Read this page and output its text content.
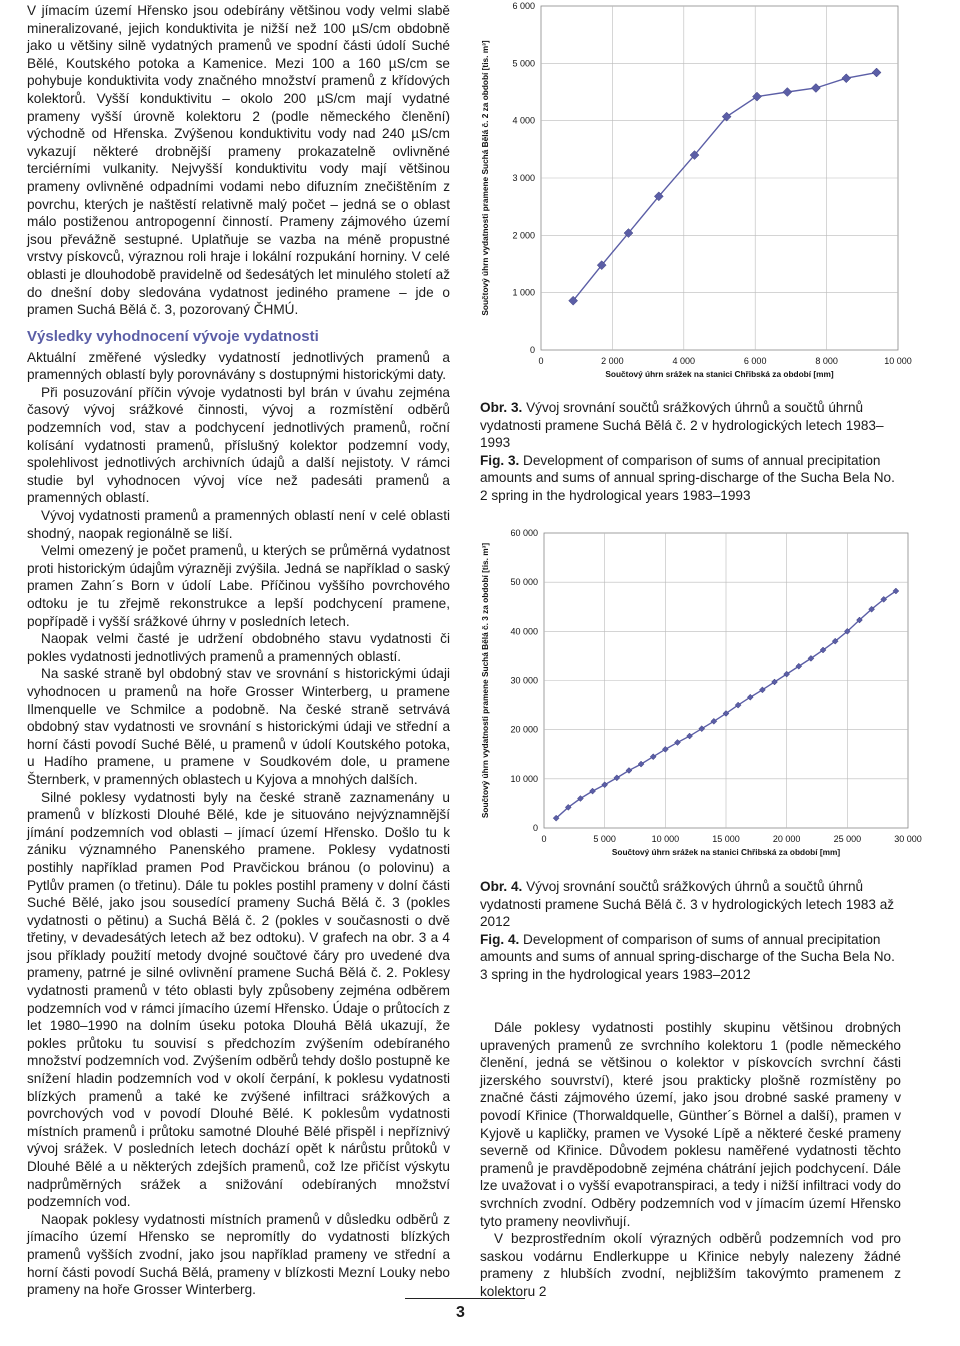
V jímacím území Hřensko jsou odebírány většinou vody velmi slabě mineralizované, jejich konduktivita je nižší než 100 µS/cm obdobně jako u většiny silně vydatných pramenů ve spodní části údolí Suché Bělé, Koutského potoka a Kamenice. Mezi 100 a 160 µS/cm se pohybuje konduktivita vody značného množství pramenů z křídových kolektorů. Vyšší konduktivitu – okolo 200 µS/cm mají vydatné prameny vyšší úrovně kolektoru 2 (podle německého členění) východně od Hřenska. Zvýšenou konduktivitu vody nad 240 µS/cm vykazují některé drobnější prameny prokazatelně ovlivněné terciérními vulkanity. Nejvyšší konduktivitu vody mají většinou prameny ovlivněné odpadními vodami nebo difuzním znečištěním z povrchu, kterých je naštěstí relativně malý počet – jedná se o oblast málo postiženou antropogenní činností. Prameny zájmového území jsou převážně sestupné. Uplatňuje se vazba na méně propustné vrstvy pískovců, výraznou roli hraje i lokální rozpukání horniny. V celé oblasti je dlouhodobě pravidelně od šedesátých let minulého století až do dnešní doby sledována vydatnost jediného pramene – jde o pramen Suchá Bělá č. 3, pozorovaný ČHMÚ.

Výsledky vyhodnocení vývoje vydatnosti

Aktuální změřené výsledky vydatností jednotlivých pramenů a pramenných oblastí byly porovnávány s dostupnými historickými daty.

Při posuzování příčin vývoje vydatnosti byl brán v úvahu zejména časový vývoj srážkové činnosti, vývoj a rozmístění odběrů podzemních vod, stav a podchycení jednotlivých pramenů, roční kolísání vydatnosti pramenů, příslušný kolektor podzemní vody, spolehlivost jednotlivých archivních údajů a další nejistoty. V rámci studie byl vyhodnocen vývoj více než padesáti pramenů a pramenných oblastí.

Vývoj vydatnosti pramenů a pramenných oblastí není v celé oblasti shodný, naopak regionálně se liší.

Velmi omezený je počet pramenů, u kterých se průměrná vydatnost proti historickým údajům výrazněji zvýšila. Jedná se například o saský pramen Zahn´s Born v údolí Labe. Příčinou vyššího povrchového odtoku je tu zřejmě rekonstrukce a lepší podchycení pramene, popřípadě i vyšší srážkové úhrny v posledních letech.

Naopak velmi časté je udržení obdobného stavu vydatnosti či pokles vydatnosti jednotlivých pramenů a pramenných oblastí.

Na saské straně byl obdobný stav ve srovnání s historickými údaji vyhodnocen u pramenů na hoře Grosser Winterberg, u pramene Ilmenquelle ve Schmilce a podobně. Na české straně setrvává obdobný stav vydatnosti ve srovnání s historickými údaji ve střední a horní části povodí Suché Bělé, u pramenů v údolí Koutského potoka, u Hadího pramene, u pramene v Soudkovém dole, u pramene Šternberk, v pramenných oblastech u Kyjova a mnohých dalších.

Silné poklesy vydatnosti byly na české straně zaznamenány u pramenů v blízkosti Dlouhé Bělé, kde je situováno nejvýznamnější jímání podzemních vod oblasti – jímací území Hřensko. Došlo tu k zániku významného Panenského pramene. Poklesy vydatnosti postihly například pramen Pod Pravčickou bránou (o polovinu) a Pytlův pramen (o třetinu). Dále tu pokles postihl prameny v dolní části Suché Bělé, jako jsou sousedící prameny Suchá Bělá č. 3 (pokles vydatnosti o pětinu) a Suchá Bělá č. 2 (pokles v současnosti o dvě třetiny, v devadesátých letech až bez odtoku). V grafech na obr. 3 a 4 jsou příklady použití metody dvojné součtové čáry pro uvedené dva prameny, patrné je silné ovlivnění pramene Suchá Bělá č. 2. Poklesy vydatnosti pramenů v této oblasti byly způsobeny zejména odběrem podzemních vod v rámci jímacího území Hřensko. Údaje o průtocích z let 1980–1990 na dolním úseku potoka Dlouhá Bělá ukazují, že pokles průtoku tu souvisí s předchozím zvýšením odebíraného množství podzemních vod. Zvýšením odběrů tehdy došlo postupně ke snížení hladin podzemních vod v okolí čerpání, k poklesu vydatnosti blízkých pramenů a také ke zvýšené infiltraci srážkových a povrchových vod v povodí Dlouhé Bělé. K poklesům vydatnosti místních pramenů i průtoku samotné Dlouhé Bělé přispěl i nepříznivý vývoj srážek. V posledních letech dochází opět k nárůstu průtoků v Dlouhé Bělé a u některých zdejších pramenů, což lze přičíst výskytu nadprůměrných srážek a snižování odebíraných množství podzemních vod.

Naopak poklesy vydatnosti místních pramenů v důsledku odběrů z jímacího území Hřensko se nepromítly do vydatnosti blízkých pramenů vyšších zvodní, jako jsou například prameny ve střední a horní části povodí Suchá Bělá, prameny v blízkosti Mezní Louky nebo prameny na hoře Grosser Winterberg.

0
1 000
2 000
3 000
4 000
5 000
6 000
0	2 000	4 000	6 000	8 000	10 000
Součtový úhrn srážek na stanici Chřibská za období [mm]
Součtový úhrn vydatnosti pramene Suchá Bělá č. 2 za období [tis. m³]

Obr. 3. Vývoj srovnání součtů srážkových úhrnů a součtů úhrnů vydatnosti pramene Suchá Bělá č. 2 v hydrologických letech 1983–1993

Fig. 3. Development of comparison of sums of annual precipitation amounts and sums of annual spring-discharge of the Sucha Bela No. 2 spring in the hydrological years 1983–1993

0
10 000
20 000
30 000
40 000
50 000
60 000
0	5 000	10 000	15 000	20 000	25 000	30 000
Součtový úhrn srážek na stanici Chřibská za období [mm]
Součtový úhrn vydatnosti pramene Suchá Bělá č. 3 za období [tis. m³]

Obr. 4. Vývoj srovnání součtů srážkových úhrnů a součtů úhrnů vydatnosti pramene Suchá Bělá č. 3 v hydrologických letech 1983 až 2012

Fig. 4. Development of comparison of sums of annual precipitation amounts and sums of annual spring-discharge of the Sucha Bela No. 3 spring in the hydrological years 1983–2012

Dále poklesy vydatnosti postihly skupinu většinou drobných upravených pramenů ze svrchního kolektoru 1 (podle německého členění, jedná se většinou o kolektor v pískovcích svrchní části jizerského souvrství), které jsou prakticky plošně rozmístěny po značné části zájmového území, jako jsou drobné saské prameny v povodí Křinice (Thorwaldquelle, Günther´s Börnel a další), pramen v Kyjově u kapličky, pramen ve Vysoké Lípě a některé české prameny severně od Křinice. Důvodem poklesu naměřené vydatnosti těchto pramenů je pravděpodobně zejména chátrání jejich podchycení. Dále lze uvažovat i o vyšší evapotranspiraci, a tedy i nižší infiltraci vody do svrchních zvodní. Odběry podzemních vod v jímacím území Hřensko tyto prameny neovlivňují.

V bezprostředním okolí výrazných odběrů podzemních vod pro saskou vodárnu Endlerkuppe u Křinice nebyly nalezeny žádné prameny z hlubších zvodní, nejbližším takovýmto pramenem z kolektoru 2

3
